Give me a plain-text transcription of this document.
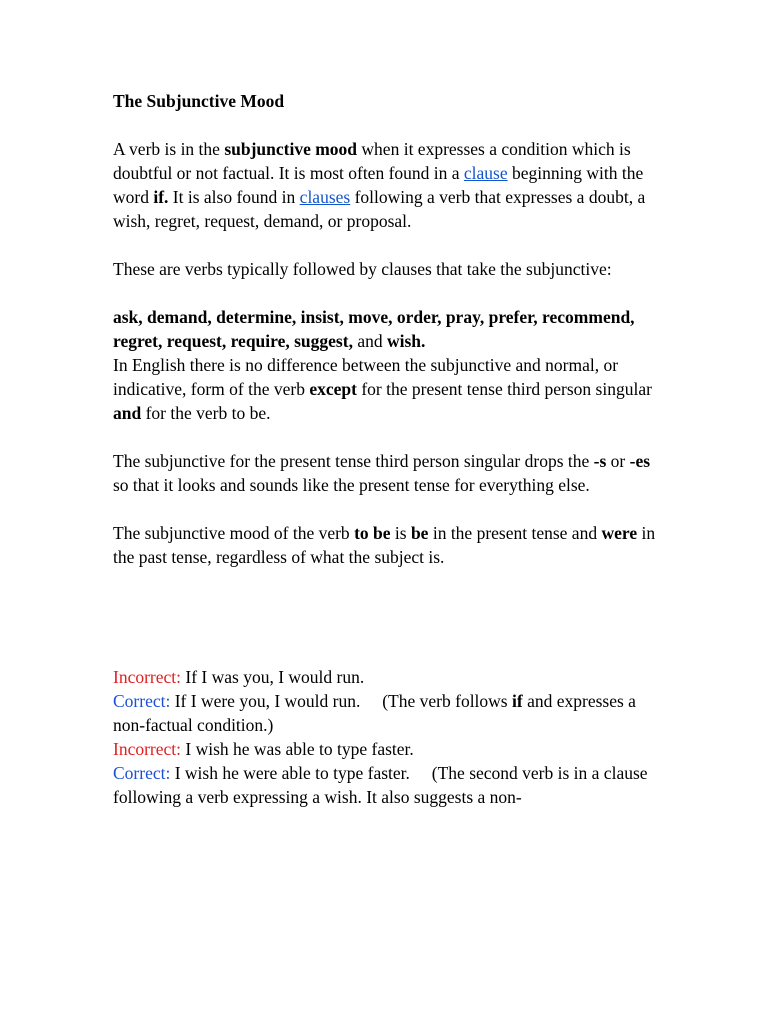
The Subjunctive Mood

A verb is in the subjunctive mood when it expresses a condition which is doubtful or not factual. It is most often found in a clause beginning with the word if. It is also found in clauses following a verb that expresses a doubt, a wish, regret, request, demand, or proposal.

These are verbs typically followed by clauses that take the subjunctive:

ask, demand, determine, insist, move, order, pray, prefer, recommend, regret, request, require, suggest, and wish.

In English there is no difference between the subjunctive and normal, or indicative, form of the verb except for the present tense third person singular and for the verb to be.

The subjunctive for the present tense third person singular drops the -s or -es so that it looks and sounds like the present tense for everything else.

The subjunctive mood of the verb to be is be in the present tense and were in the past tense, regardless of what the subject is.

Incorrect: If I was you, I would run.

Correct: If I were you, I would run.     (The verb follows if and expresses a non-factual condition.)

Incorrect: I wish he was able to type faster.

Correct: I wish he were able to type faster.     (The second verb is in a clause following a verb expressing a wish. It also suggests a non-
